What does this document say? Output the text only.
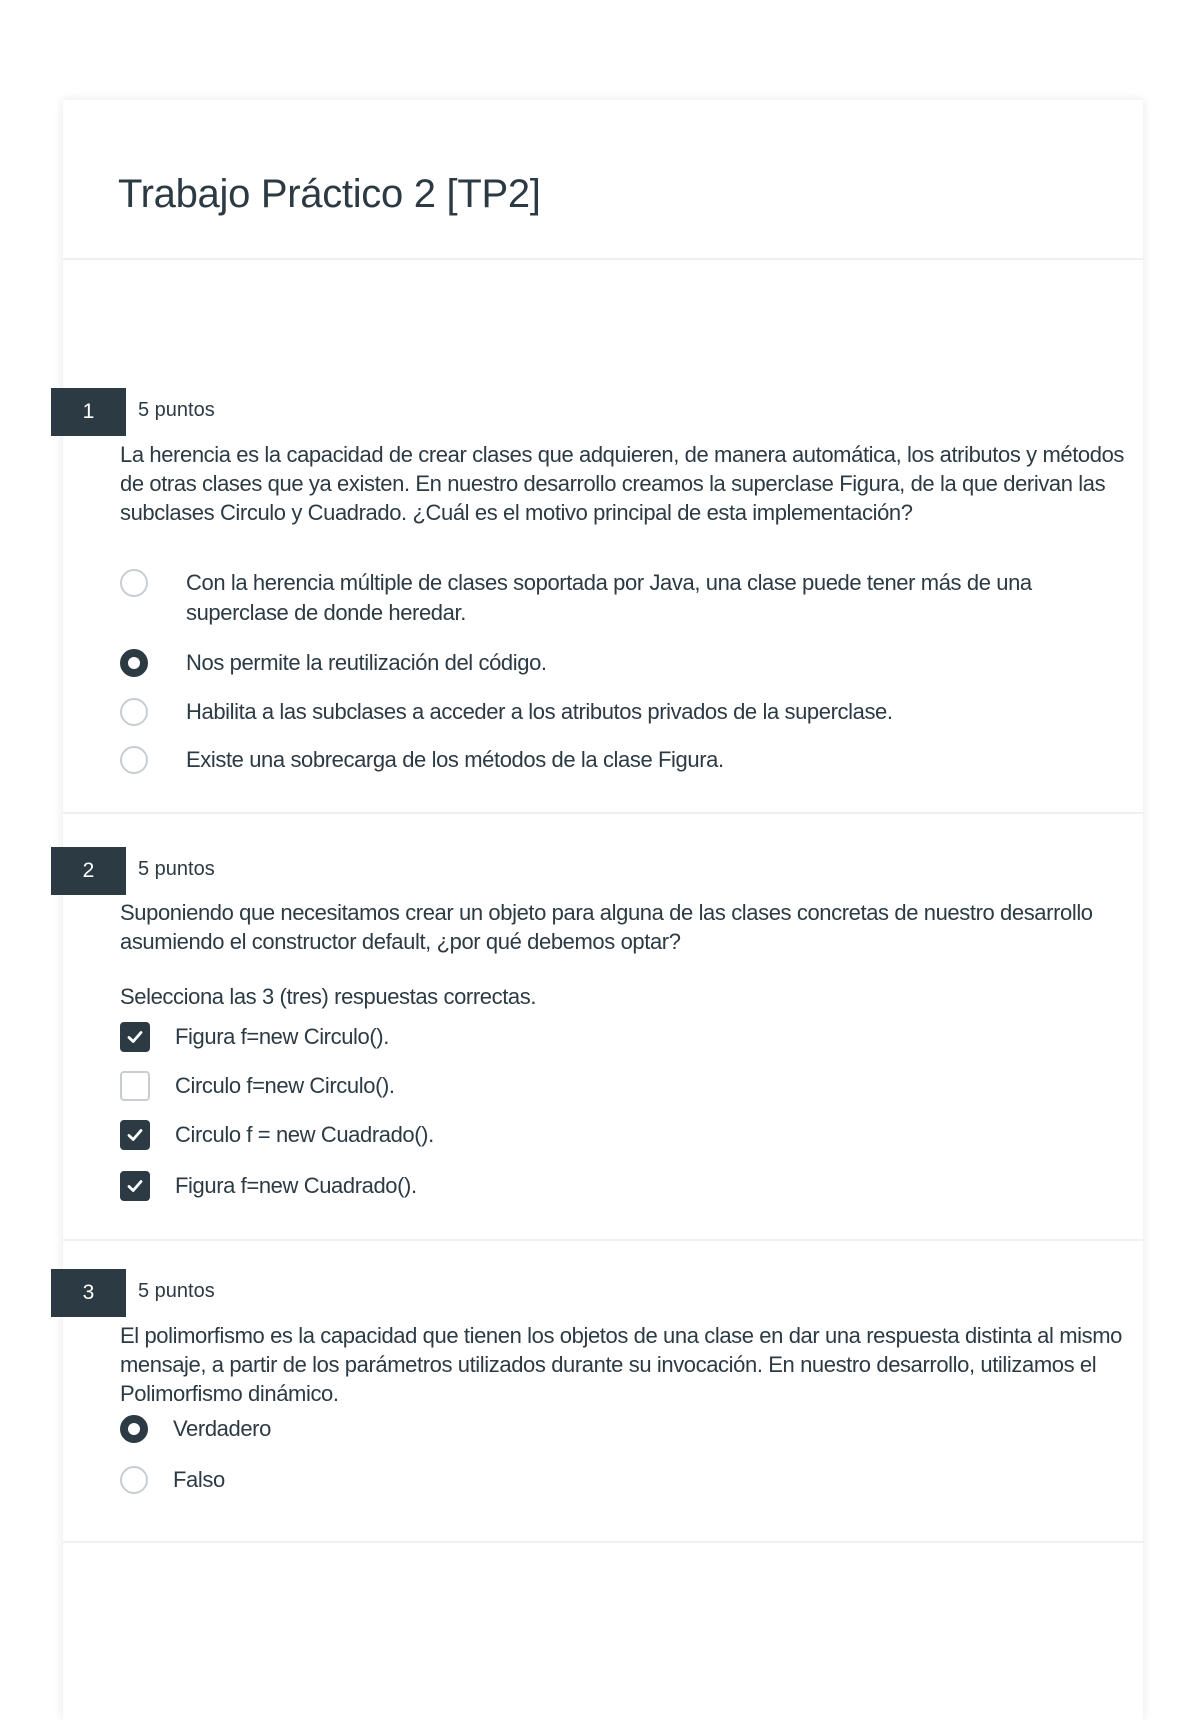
Trabajo Práctico 2 [TP2]
1	5 puntos
La herencia es la capacidad de crear clases que adquieren, de manera automática, los atributos y métodos de otras clases que ya existen. En nuestro desarrollo creamos la superclase Figura, de la que derivan las subclases Circulo y Cuadrado. ¿Cuál es el motivo principal de esta implementación?
Con la herencia múltiple de clases soportada por Java, una clase puede tener más de una superclase de donde heredar.
Nos permite la reutilización del código.
Habilita a las subclases a acceder a los atributos privados de la superclase.
Existe una sobrecarga de los métodos de la clase Figura.
2	5 puntos
Suponiendo que necesitamos crear un objeto para alguna de las clases concretas de nuestro desarrollo asumiendo el constructor default, ¿por qué debemos optar?
Selecciona las 3 (tres) respuestas correctas.
Figura f=new Circulo().
Circulo f=new Circulo().
Circulo f = new Cuadrado().
Figura f=new Cuadrado().
3	5 puntos
El polimorfismo es la capacidad que tienen los objetos de una clase en dar una respuesta distinta al mismo mensaje, a partir de los parámetros utilizados durante su invocación. En nuestro desarrollo, utilizamos el Polimorfismo dinámico.
Verdadero
Falso
